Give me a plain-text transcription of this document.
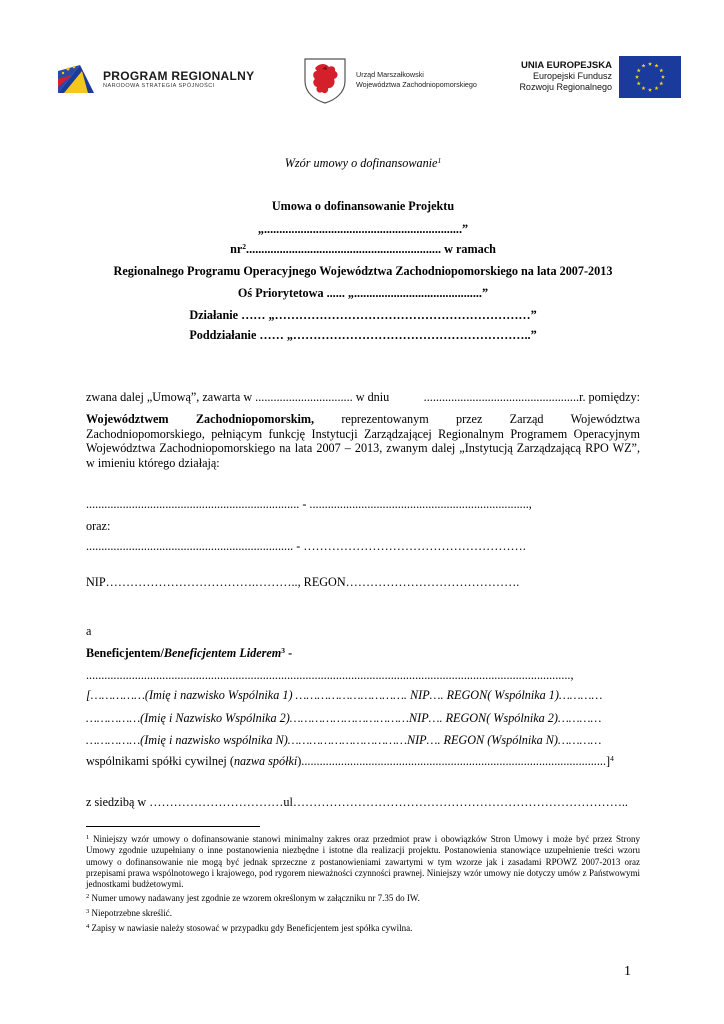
PROGRAM REGIONALNY
NARODOWA STRATEGIA SPÓJNOŚCI
Urząd Marszałkowski
Województwa Zachodniopomorskiego
UNIA EUROPEJSKA
Europejski Fundusz
Rozwoju Regionalnego
Wzór umowy o dofinansowanie$^1$
Umowa o dofinansowanie Projektu
„.................................................................”
$nr^2$................................................................ w ramach
Regionalnego Programu Operacyjnego Województwa Zachodniopomorskiego na lata 2007-2013
Oś Priorytetowa ...... „..........................................”
Działanie …… „………………………………………………………”
Poddziałanie …… „…………………………………………………..”
zwana dalej „Umową”, zawarta w ................................ w dniu	...................................................r. pomiędzy:
Województwem Zachodniopomorskim, reprezentowanym przez Zarząd Województwa Zachodniopomorskiego, pełniącym funkcję Instytucji Zarządzającej Regionalnym Programem Operacyjnym Województwa Zachodniopomorskiego na lata 2007 – 2013, zwanym dalej „Instytucją Zarządzającą RPO WZ”, w imieniu którego działają:
...................................................................... - ........................................................................,
oraz:
.................................................................... - ……………………………………………….
NIP……………………………….……….., REGON…………………………………….
a
Beneficjentem/Beneficjentem Liderem$^3$ -
...............................................................................................................................................................,
[……………(Imię i nazwisko Wspólnika 1) …………………………. NIP…. REGON( Wspólnika 1)…………
……………(Imię i Nazwisko Wspólnika 2)……………………………NIP…. REGON( Wspólnika 2)…………
……………(Imię i nazwisko wspólnika N)……………………………NIP…. REGON (Wspólnika N)…………
wspólnikami spółki cywilnej (nazwa spółki)....................................................................................................]$^4$
z siedzibą w ……………………………ul………………………………………………………………………..
$^1$ Niniejszy wzór umowy o dofinansowanie stanowi minimalny zakres oraz przedmiot praw i obowiązków Stron Umowy i może być przez Strony Umowy zgodnie uzupełniany o inne postanowienia niezbędne i istotne dla realizacji projektu. Postanowienia stanowiące uzupełnienie treści wzoru umowy o dofinansowanie nie mogą być jednak sprzeczne z postanowieniami zawartymi w tym wzorze jak i zasadami RPOWZ 2007-2013 oraz przepisami prawa wspólnotowego i krajowego, pod rygorem nieważności czynności prawnej. Niniejszy wzór umowy nie dotyczy umów z Państwowymi jednostkami budżetowymi.
$^2$ Numer umowy nadawany jest zgodnie ze wzorem określonym w załączniku nr 7.35 do IW.
$^3$ Niepotrzebne skreślić.
$^4$ Zapisy w nawiasie należy stosować w przypadku gdy Beneficjentem jest spółka cywilna.
1
